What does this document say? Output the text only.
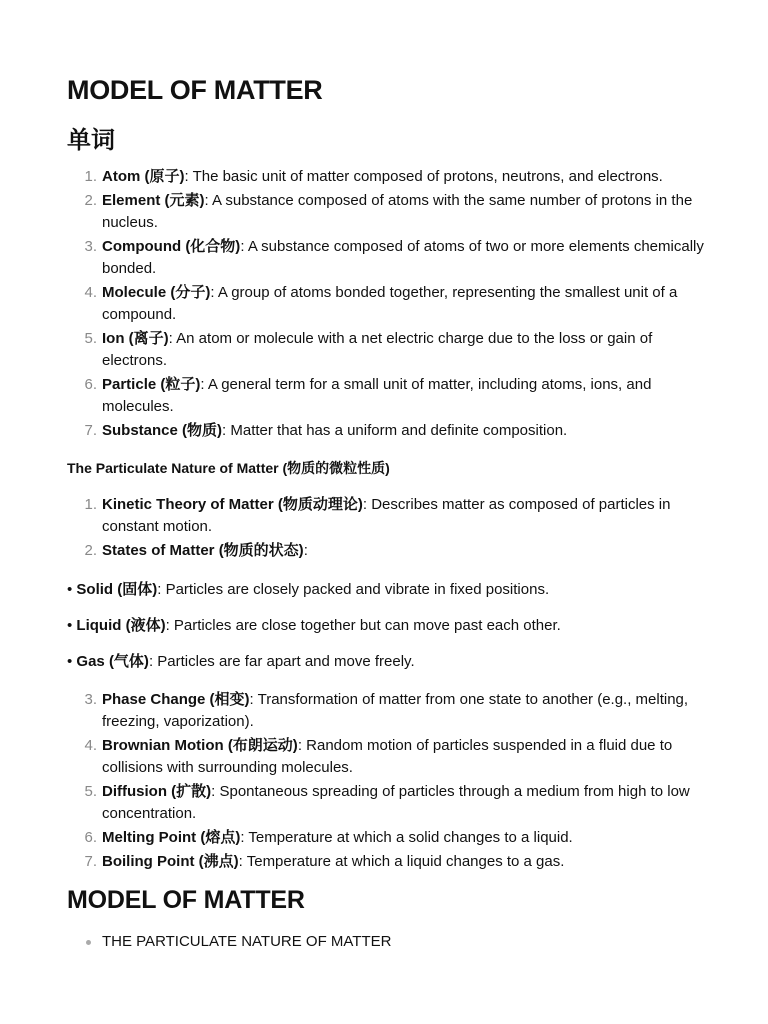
MODEL OF MATTER
单词
1. Atom (原子): The basic unit of matter composed of protons, neutrons, and electrons.
2. Element (元素): A substance composed of atoms with the same number of protons in the nucleus.
3. Compound (化合物): A substance composed of atoms of two or more elements chemically bonded.
4. Molecule (分子): A group of atoms bonded together, representing the smallest unit of a compound.
5. Ion (离子): An atom or molecule with a net electric charge due to the loss or gain of electrons.
6. Particle (粒子): A general term for a small unit of matter, including atoms, ions, and molecules.
7. Substance (物质): Matter that has a uniform and definite composition.

The Particulate Nature of Matter (物质的微粒性质)

1. Kinetic Theory of Matter (物质动理论): Describes matter as composed of particles in constant motion.
2. States of Matter (物质的状态):

• Solid (固体): Particles are closely packed and vibrate in fixed positions.

• Liquid (液体): Particles are close together but can move past each other.

• Gas (气体): Particles are far apart and move freely.

3. Phase Change (相变): Transformation of matter from one state to another (e.g., melting, freezing, vaporization).
4. Brownian Motion (布朗运动): Random motion of particles suspended in a fluid due to collisions with surrounding molecules.
5. Diffusion (扩散): Spontaneous spreading of particles through a medium from high to low concentration.
6. Melting Point (熔点): Temperature at which a solid changes to a liquid.
7. Boiling Point (沸点): Temperature at which a liquid changes to a gas.
MODEL OF MATTER
THE PARTICULATE NATURE OF MATTER
